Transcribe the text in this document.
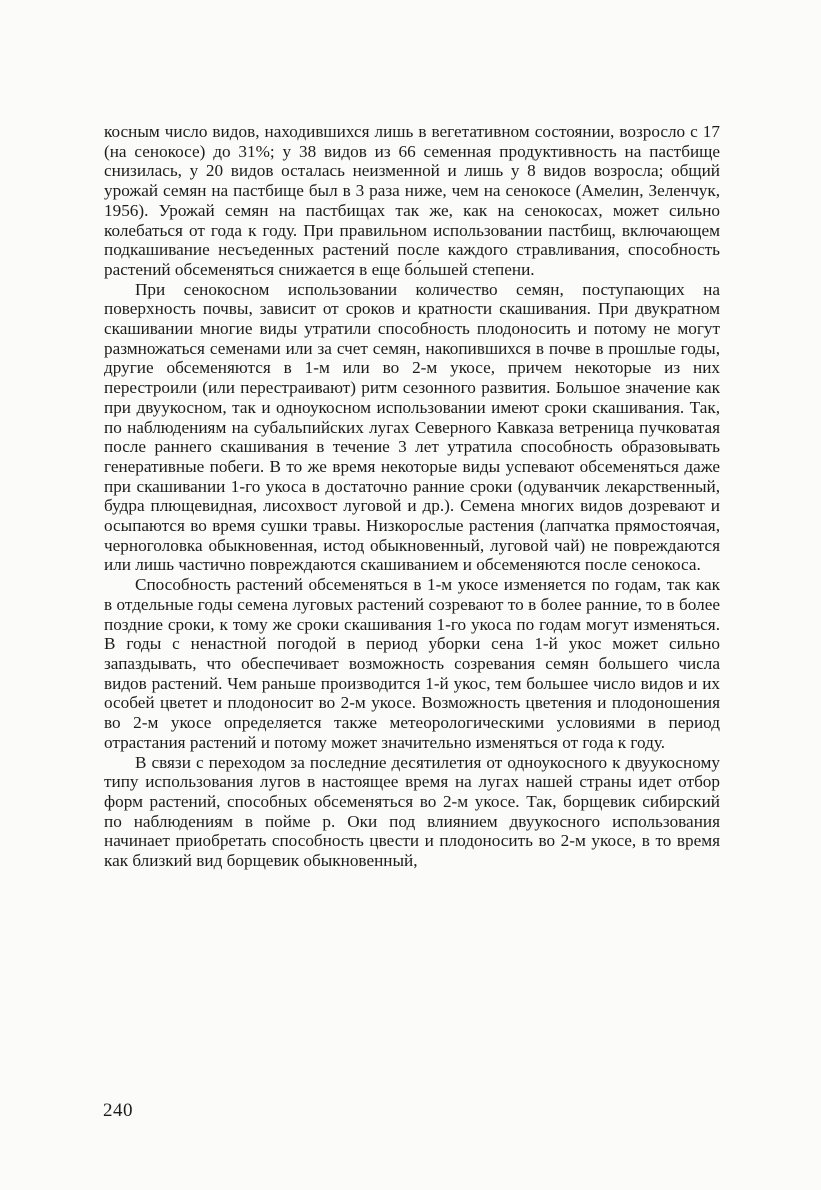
косным число видов, находившихся лишь в вегетативном состоянии, возросло с 17 (на сенокосе) до 31%; у 38 видов из 66 семенная продуктивность на пастбище снизилась, у 20 видов осталась неизменной и лишь у 8 видов возросла; общий урожай семян на пастбище был в 3 раза ниже, чем на сенокосе (Амелин, Зеленчук, 1956). Урожай семян на пастбищах так же, как на сенокосах, может сильно колебаться от года к году. При правильном использовании пастбищ, включающем подкашивание несъеденных растений после каждого стравливания, способность растений обсеменяться снижается в еще бо́льшей степени.

При сенокосном использовании количество семян, поступающих на поверхность почвы, зависит от сроков и кратности скашивания. При двукратном скашивании многие виды утратили способность плодоносить и потому не могут размножаться семенами или за счет семян, накопившихся в почве в прошлые годы, другие обсеменяются в 1-м или во 2-м укосе, причем некоторые из них перестроили (или перестраивают) ритм сезонного развития. Большое значение как при двуукосном, так и одноукосном использовании имеют сроки скашивания. Так, по наблюдениям на субальпийских лугах Северного Кавказа ветреница пучковатая после раннего скашивания в течение 3 лет утратила способность образовывать генеративные побеги. В то же время некоторые виды успевают обсеменяться даже при скашивании 1-го укоса в достаточно ранние сроки (одуванчик лекарственный, будра плющевидная, лисохвост луговой и др.). Семена многих видов дозревают и осыпаются во время сушки травы. Низкорослые растения (лапчатка прямостоячая, черноголовка обыкновенная, истод обыкновенный, луговой чай) не повреждаются или лишь частично повреждаются скашиванием и обсеменяются после сенокоса.

Способность растений обсеменяться в 1-м укосе изменяется по годам, так как в отдельные годы семена луговых растений созревают то в более ранние, то в более поздние сроки, к тому же сроки скашивания 1-го укоса по годам могут изменяться. В годы с ненастной погодой в период уборки сена 1-й укос может сильно запаздывать, что обеспечивает возможность созревания семян большего числа видов растений. Чем раньше производится 1-й укос, тем большее число видов и их особей цветет и плодоносит во 2-м укосе. Возможность цветения и плодоношения во 2-м укосе определяется также метеорологическими условиями в период отрастания растений и потому может значительно изменяться от года к году.

В связи с переходом за последние десятилетия от одноукосного к двуукосному типу использования лугов в настоящее время на лугах нашей страны идет отбор форм растений, способных обсеменяться во 2-м укосе. Так, борщевик сибирский по наблюдениям в пойме р. Оки под влиянием двуукосного использования начинает приобретать способность цвести и плодоносить во 2-м укосе, в то время как близкий вид борщевик обыкновенный,

240
